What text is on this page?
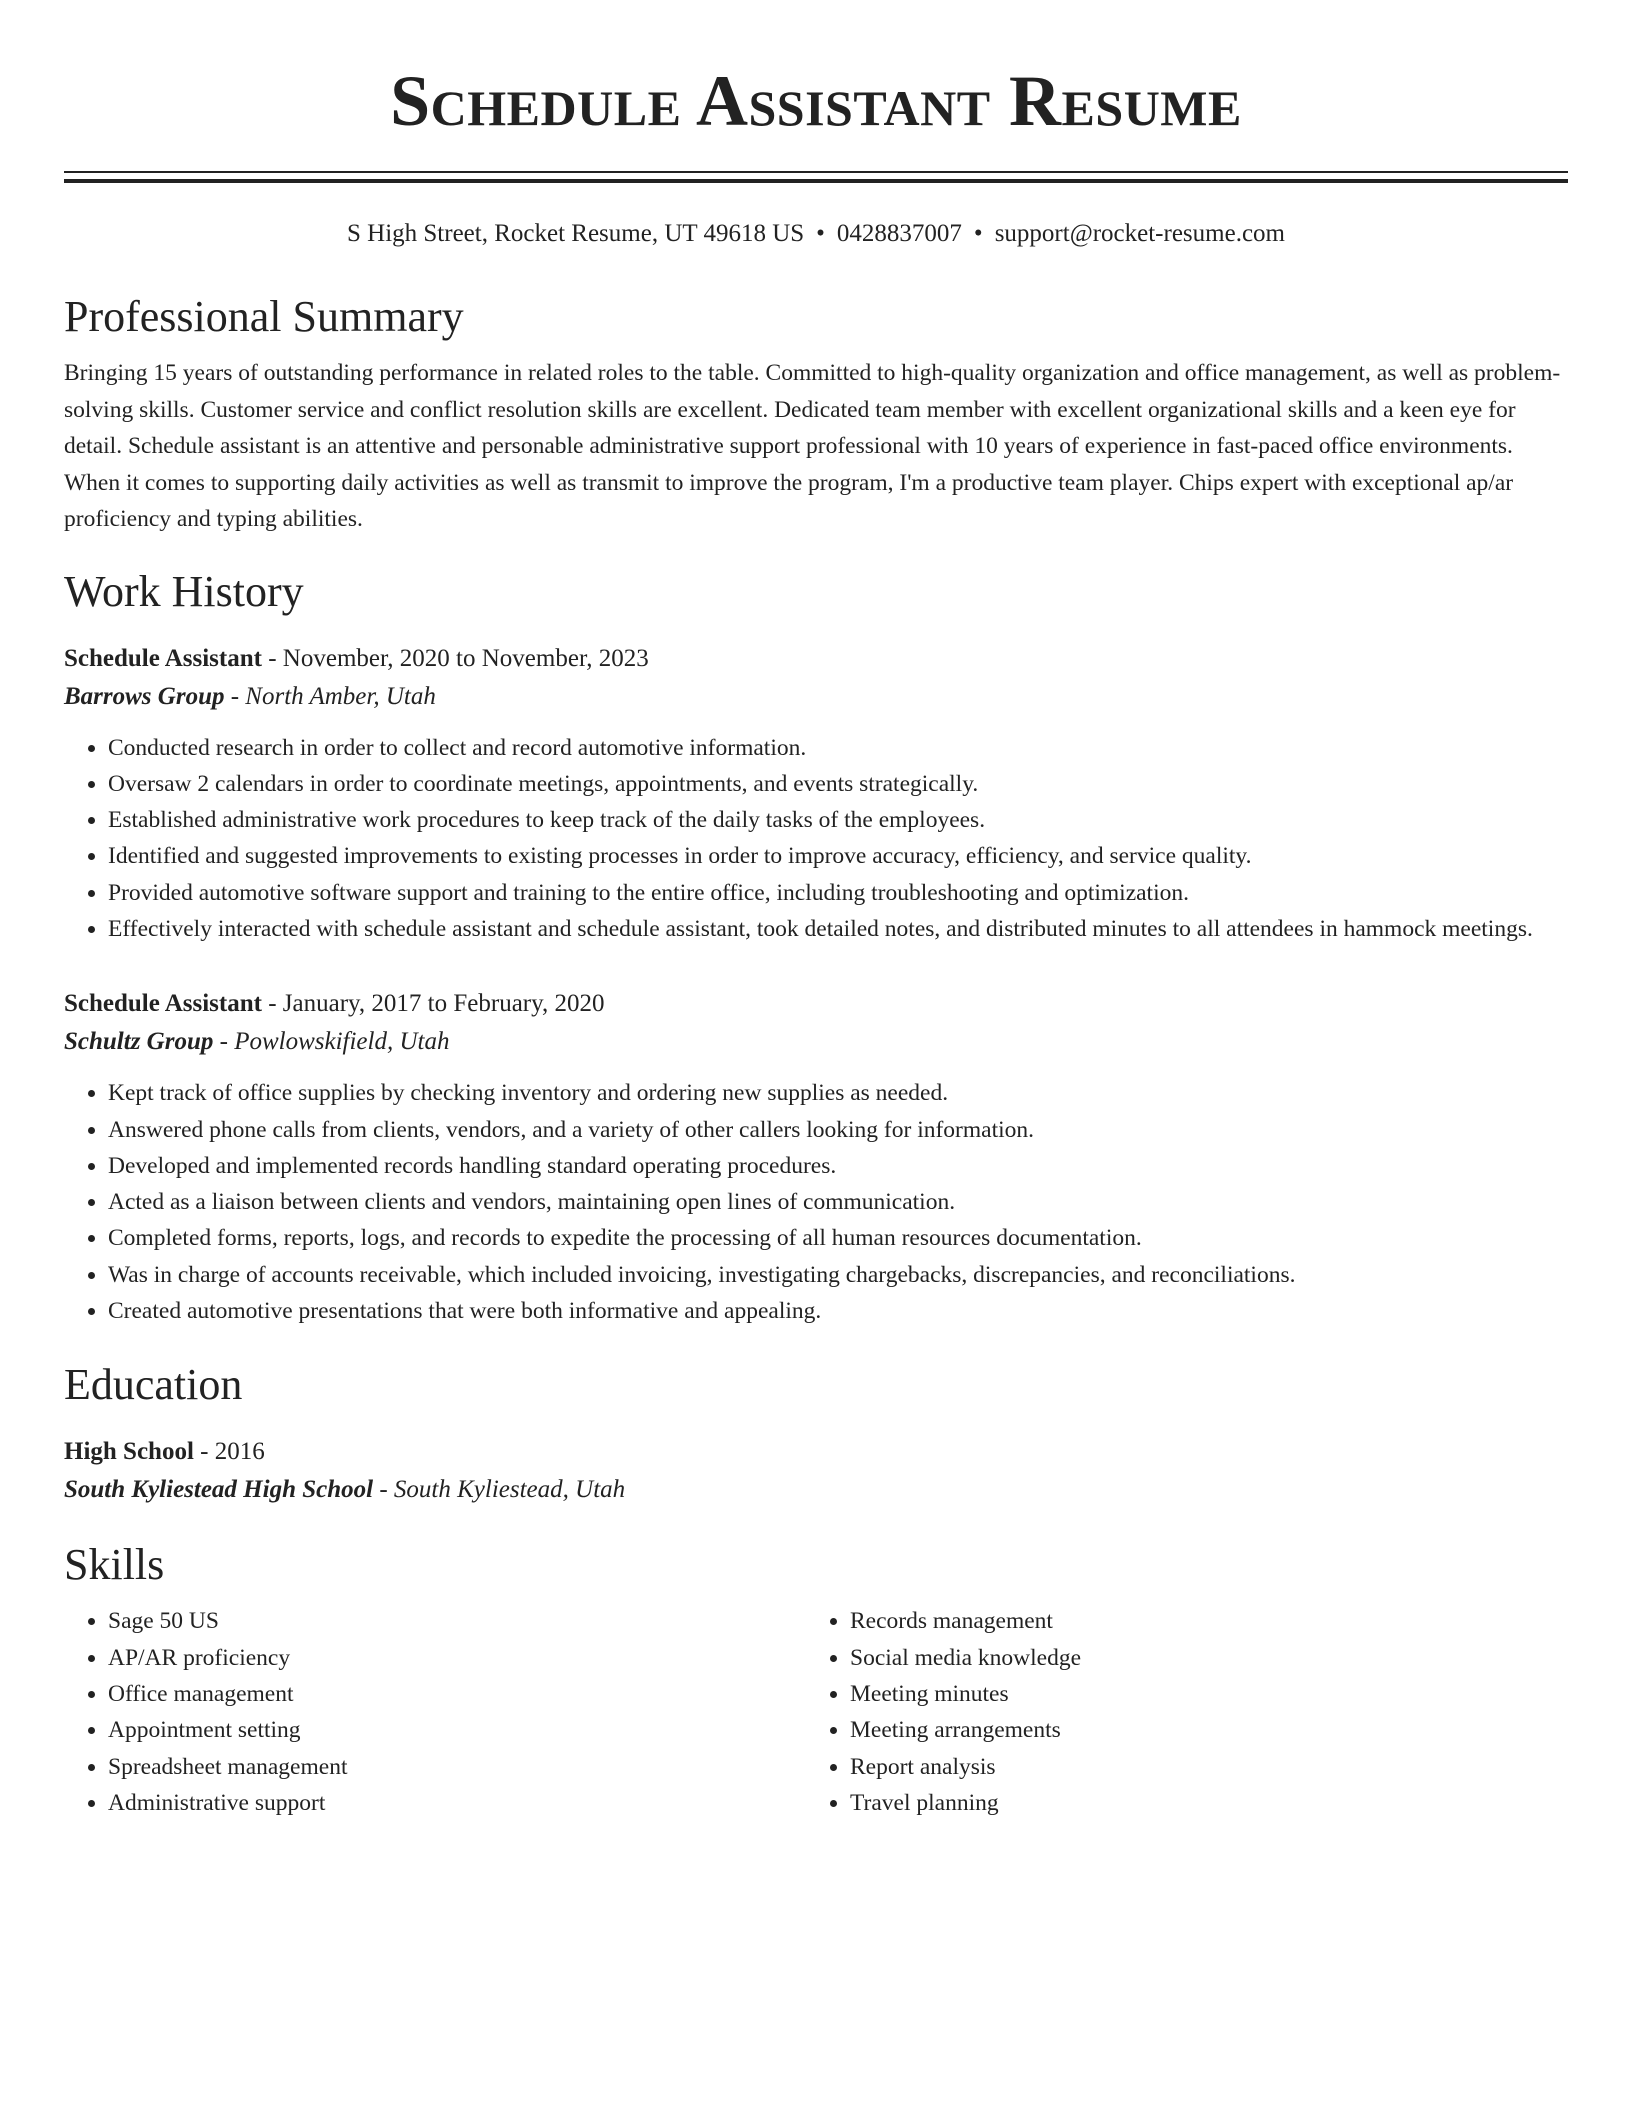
Schedule Assistant Resume
S High Street, Rocket Resume, UT 49618 US • 0428837007 • support@rocket-resume.com
Professional Summary
Bringing 15 years of outstanding performance in related roles to the table. Committed to high-quality organization and office management, as well as problem-solving skills. Customer service and conflict resolution skills are excellent. Dedicated team member with excellent organizational skills and a keen eye for detail. Schedule assistant is an attentive and personable administrative support professional with 10 years of experience in fast-paced office environments. When it comes to supporting daily activities as well as transmit to improve the program, I'm a productive team player. Chips expert with exceptional ap/ar proficiency and typing abilities.
Work History
Schedule Assistant - November, 2020 to November, 2023
Barrows Group - North Amber, Utah
• Conducted research in order to collect and record automotive information.
• Oversaw 2 calendars in order to coordinate meetings, appointments, and events strategically.
• Established administrative work procedures to keep track of the daily tasks of the employees.
• Identified and suggested improvements to existing processes in order to improve accuracy, efficiency, and service quality.
• Provided automotive software support and training to the entire office, including troubleshooting and optimization.
• Effectively interacted with schedule assistant and schedule assistant, took detailed notes, and distributed minutes to all attendees in hammock meetings.
Schedule Assistant - January, 2017 to February, 2020
Schultz Group - Powlowskifield, Utah
• Kept track of office supplies by checking inventory and ordering new supplies as needed.
• Answered phone calls from clients, vendors, and a variety of other callers looking for information.
• Developed and implemented records handling standard operating procedures.
• Acted as a liaison between clients and vendors, maintaining open lines of communication.
• Completed forms, reports, logs, and records to expedite the processing of all human resources documentation.
• Was in charge of accounts receivable, which included invoicing, investigating chargebacks, discrepancies, and reconciliations.
• Created automotive presentations that were both informative and appealing.
Education
High School - 2016
South Kyliestead High School - South Kyliestead, Utah
Skills
• Sage 50 US
• AP/AR proficiency
• Office management
• Appointment setting
• Spreadsheet management
• Administrative support
• Records management
• Social media knowledge
• Meeting minutes
• Meeting arrangements
• Report analysis
• Travel planning
